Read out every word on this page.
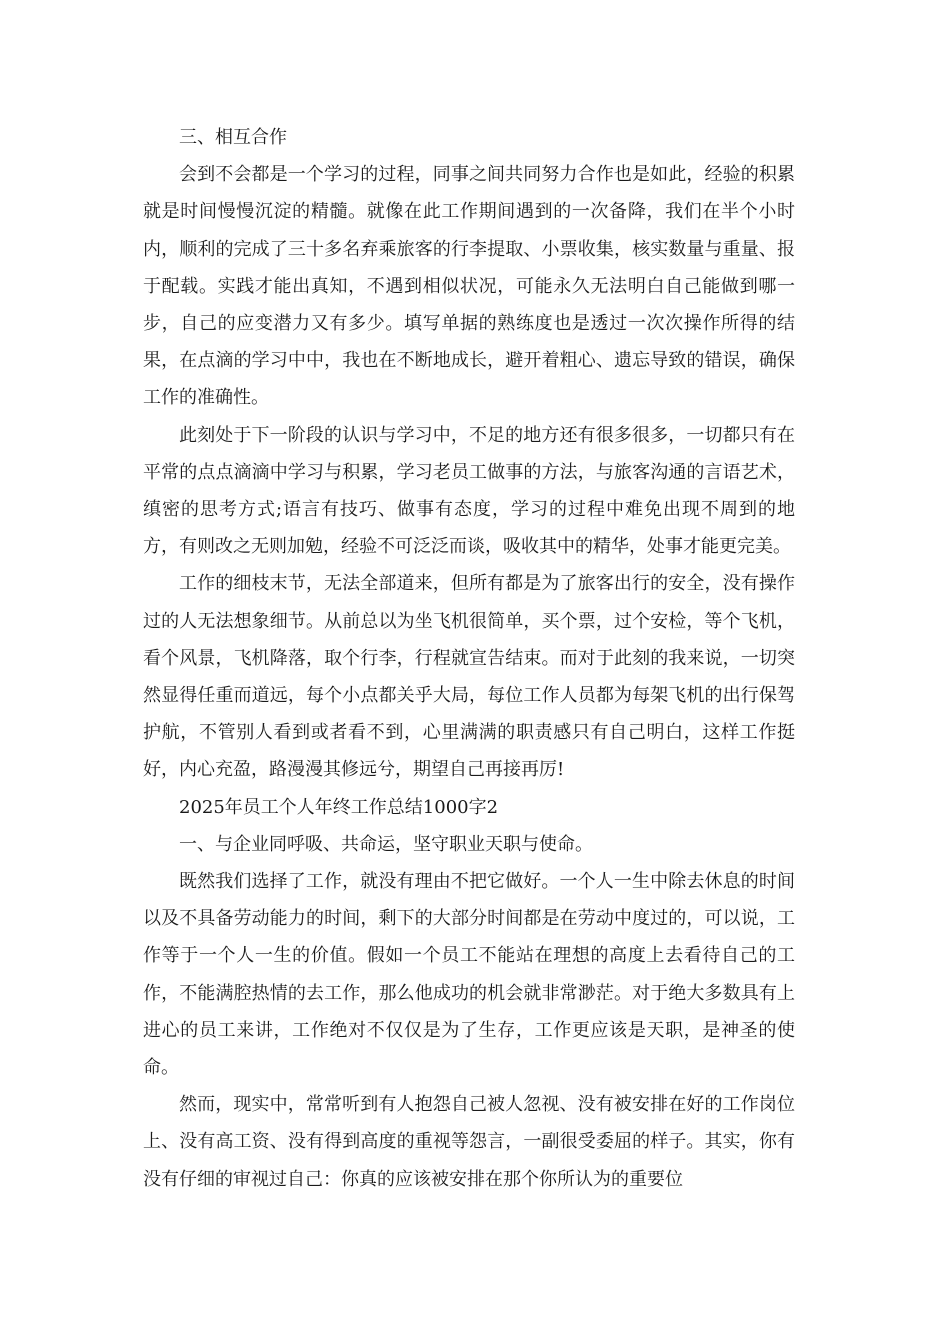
三、相互合作

会到不会都是一个学习的过程，同事之间共同努力合作也是如此，经验的积累就是时间慢慢沉淀的精髓。就像在此工作期间遇到的一次备降，我们在半个小时内，顺利的完成了三十多名弃乘旅客的行李提取、小票收集，核实数量与重量、报于配载。实践才能出真知，不遇到相似状况，可能永久无法明白自己能做到哪一步，自己的应变潜力又有多少。填写单据的熟练度也是透过一次次操作所得的结果，在点滴的学习中中，我也在不断地成长，避开着粗心、遗忘导致的错误，确保工作的准确性。

此刻处于下一阶段的认识与学习中，不足的地方还有很多很多，一切都只有在平常的点点滴滴中学习与积累，学习老员工做事的方法，与旅客沟通的言语艺术，缜密的思考方式;语言有技巧、做事有态度，学习的过程中难免出现不周到的地方，有则改之无则加勉，经验不可泛泛而谈，吸收其中的精华，处事才能更完美。

工作的细枝末节，无法全部道来，但所有都是为了旅客出行的安全，没有操作过的人无法想象细节。从前总以为坐飞机很简单，买个票，过个安检，等个飞机，看个风景，飞机降落，取个行李，行程就宣告结束。而对于此刻的我来说，一切突然显得任重而道远，每个小点都关乎大局，每位工作人员都为每架飞机的出行保驾护航，不管别人看到或者看不到，心里满满的职责感只有自己明白，这样工作挺好，内心充盈，路漫漫其修远兮，期望自己再接再厉!

2025年员工个人年终工作总结1000字2

一、与企业同呼吸、共命运，坚守职业天职与使命。

既然我们选择了工作，就没有理由不把它做好。一个人一生中除去休息的时间以及不具备劳动能力的时间，剩下的大部分时间都是在劳动中度过的，可以说，工作等于一个人一生的价值。假如一个员工不能站在理想的高度上去看待自己的工作，不能满腔热情的去工作，那么他成功的机会就非常渺茫。对于绝大多数具有上进心的员工来讲，工作绝对不仅仅是为了生存，工作更应该是天职，是神圣的使命。

然而，现实中，常常听到有人抱怨自己被人忽视、没有被安排在好的工作岗位上、没有高工资、没有得到高度的重视等怨言，一副很受委屈的样子。其实，你有没有仔细的审视过自己：你真的应该被安排在那个你所认为的重要位
